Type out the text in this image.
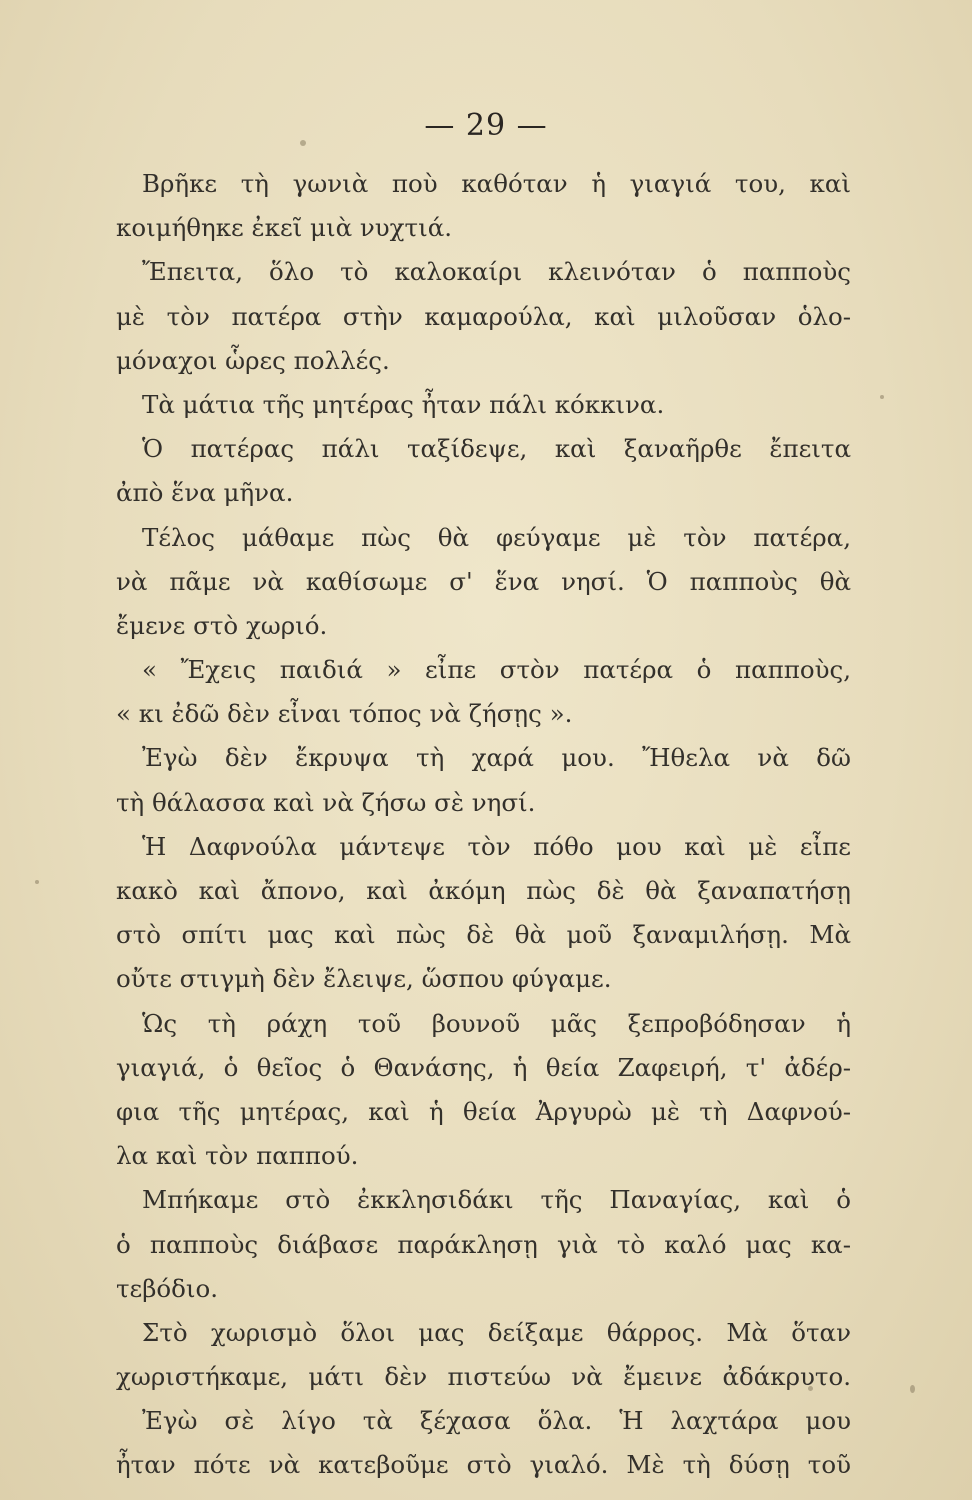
— 29 —
Βρῆκε τὴ γωνιὰ ποὺ καθόταν ἡ γιαγιά του, καὶ
κοιμήθηκε ἐκεῖ μιὰ νυχτιά.
Ἔπειτα, ὅλο τὸ καλοκαίρι κλεινόταν ὁ παπποὺς
μὲ τὸν πατέρα στὴν καμαρούλα, καὶ μιλοῦσαν ὁλο-
μόναχοι ὧρες πολλές.
Τὰ μάτια τῆς μητέρας ἦταν πάλι κόκκινα.
Ὁ πατέρας πάλι ταξίδεψε, καὶ ξαναῆρθε ἔπειτα
ἀπὸ ἕνα μῆνα.
Τέλος μάθαμε πὼς θὰ φεύγαμε μὲ τὸν πατέρα,
νὰ πᾶμε νὰ καθίσωμε σ' ἕνα νησί. Ὁ παπποὺς θὰ
ἔμενε στὸ χωριό.
« Ἔχεις παιδιά » εἶπε στὸν πατέρα ὁ παπποὺς,
« κι ἐδῶ δὲν εἶναι τόπος νὰ ζήσῃς ».
Ἐγὼ δὲν ἔκρυψα τὴ χαρά μου. Ἤθελα νὰ δῶ
τὴ θάλασσα καὶ νὰ ζήσω σὲ νησί.
Ἡ Δαφνούλα μάντεψε τὸν πόθο μου καὶ μὲ εἶπε
κακὸ καὶ ἄπονο, καὶ ἀκόμη πὼς δὲ θὰ ξαναπατήσῃ
στὸ σπίτι μας καὶ πὼς δὲ θὰ μοῦ ξαναμιλήσῃ. Μὰ
οὔτε στιγμὴ δὲν ἔλειψε, ὥσπου φύγαμε.
Ὡς τὴ ράχη τοῦ βουνοῦ μᾶς ξεπροβόδησαν ἡ
γιαγιά, ὁ θεῖος ὁ Θανάσης, ἡ θεία Ζαφειρή, τ' ἀδέρ-
φια τῆς μητέρας, καὶ ἡ θεία Ἀργυρὼ μὲ τὴ Δαφνού-
λα καὶ τὸν παππού.
Μπήκαμε στὸ ἐκκλησιδάκι τῆς Παναγίας, καὶ ὁ
ὁ παπποὺς διάβασε παράκλησῃ γιὰ τὸ καλό μας κα-
τεβόδιο.
Στὸ χωρισμὸ ὅλοι μας δείξαμε θάρρος. Μὰ ὅταν
χωριστήκαμε, μάτι δὲν πιστεύω νὰ ἔμεινε ἀδάκρυτο.
Ἐγὼ σὲ λίγο τὰ ξέχασα ὅλα. Ἡ λαχτάρα μου
ἦταν πότε νὰ κατεβοῦμε στὸ γιαλό. Μὲ τὴ δύσῃ τοῦ
